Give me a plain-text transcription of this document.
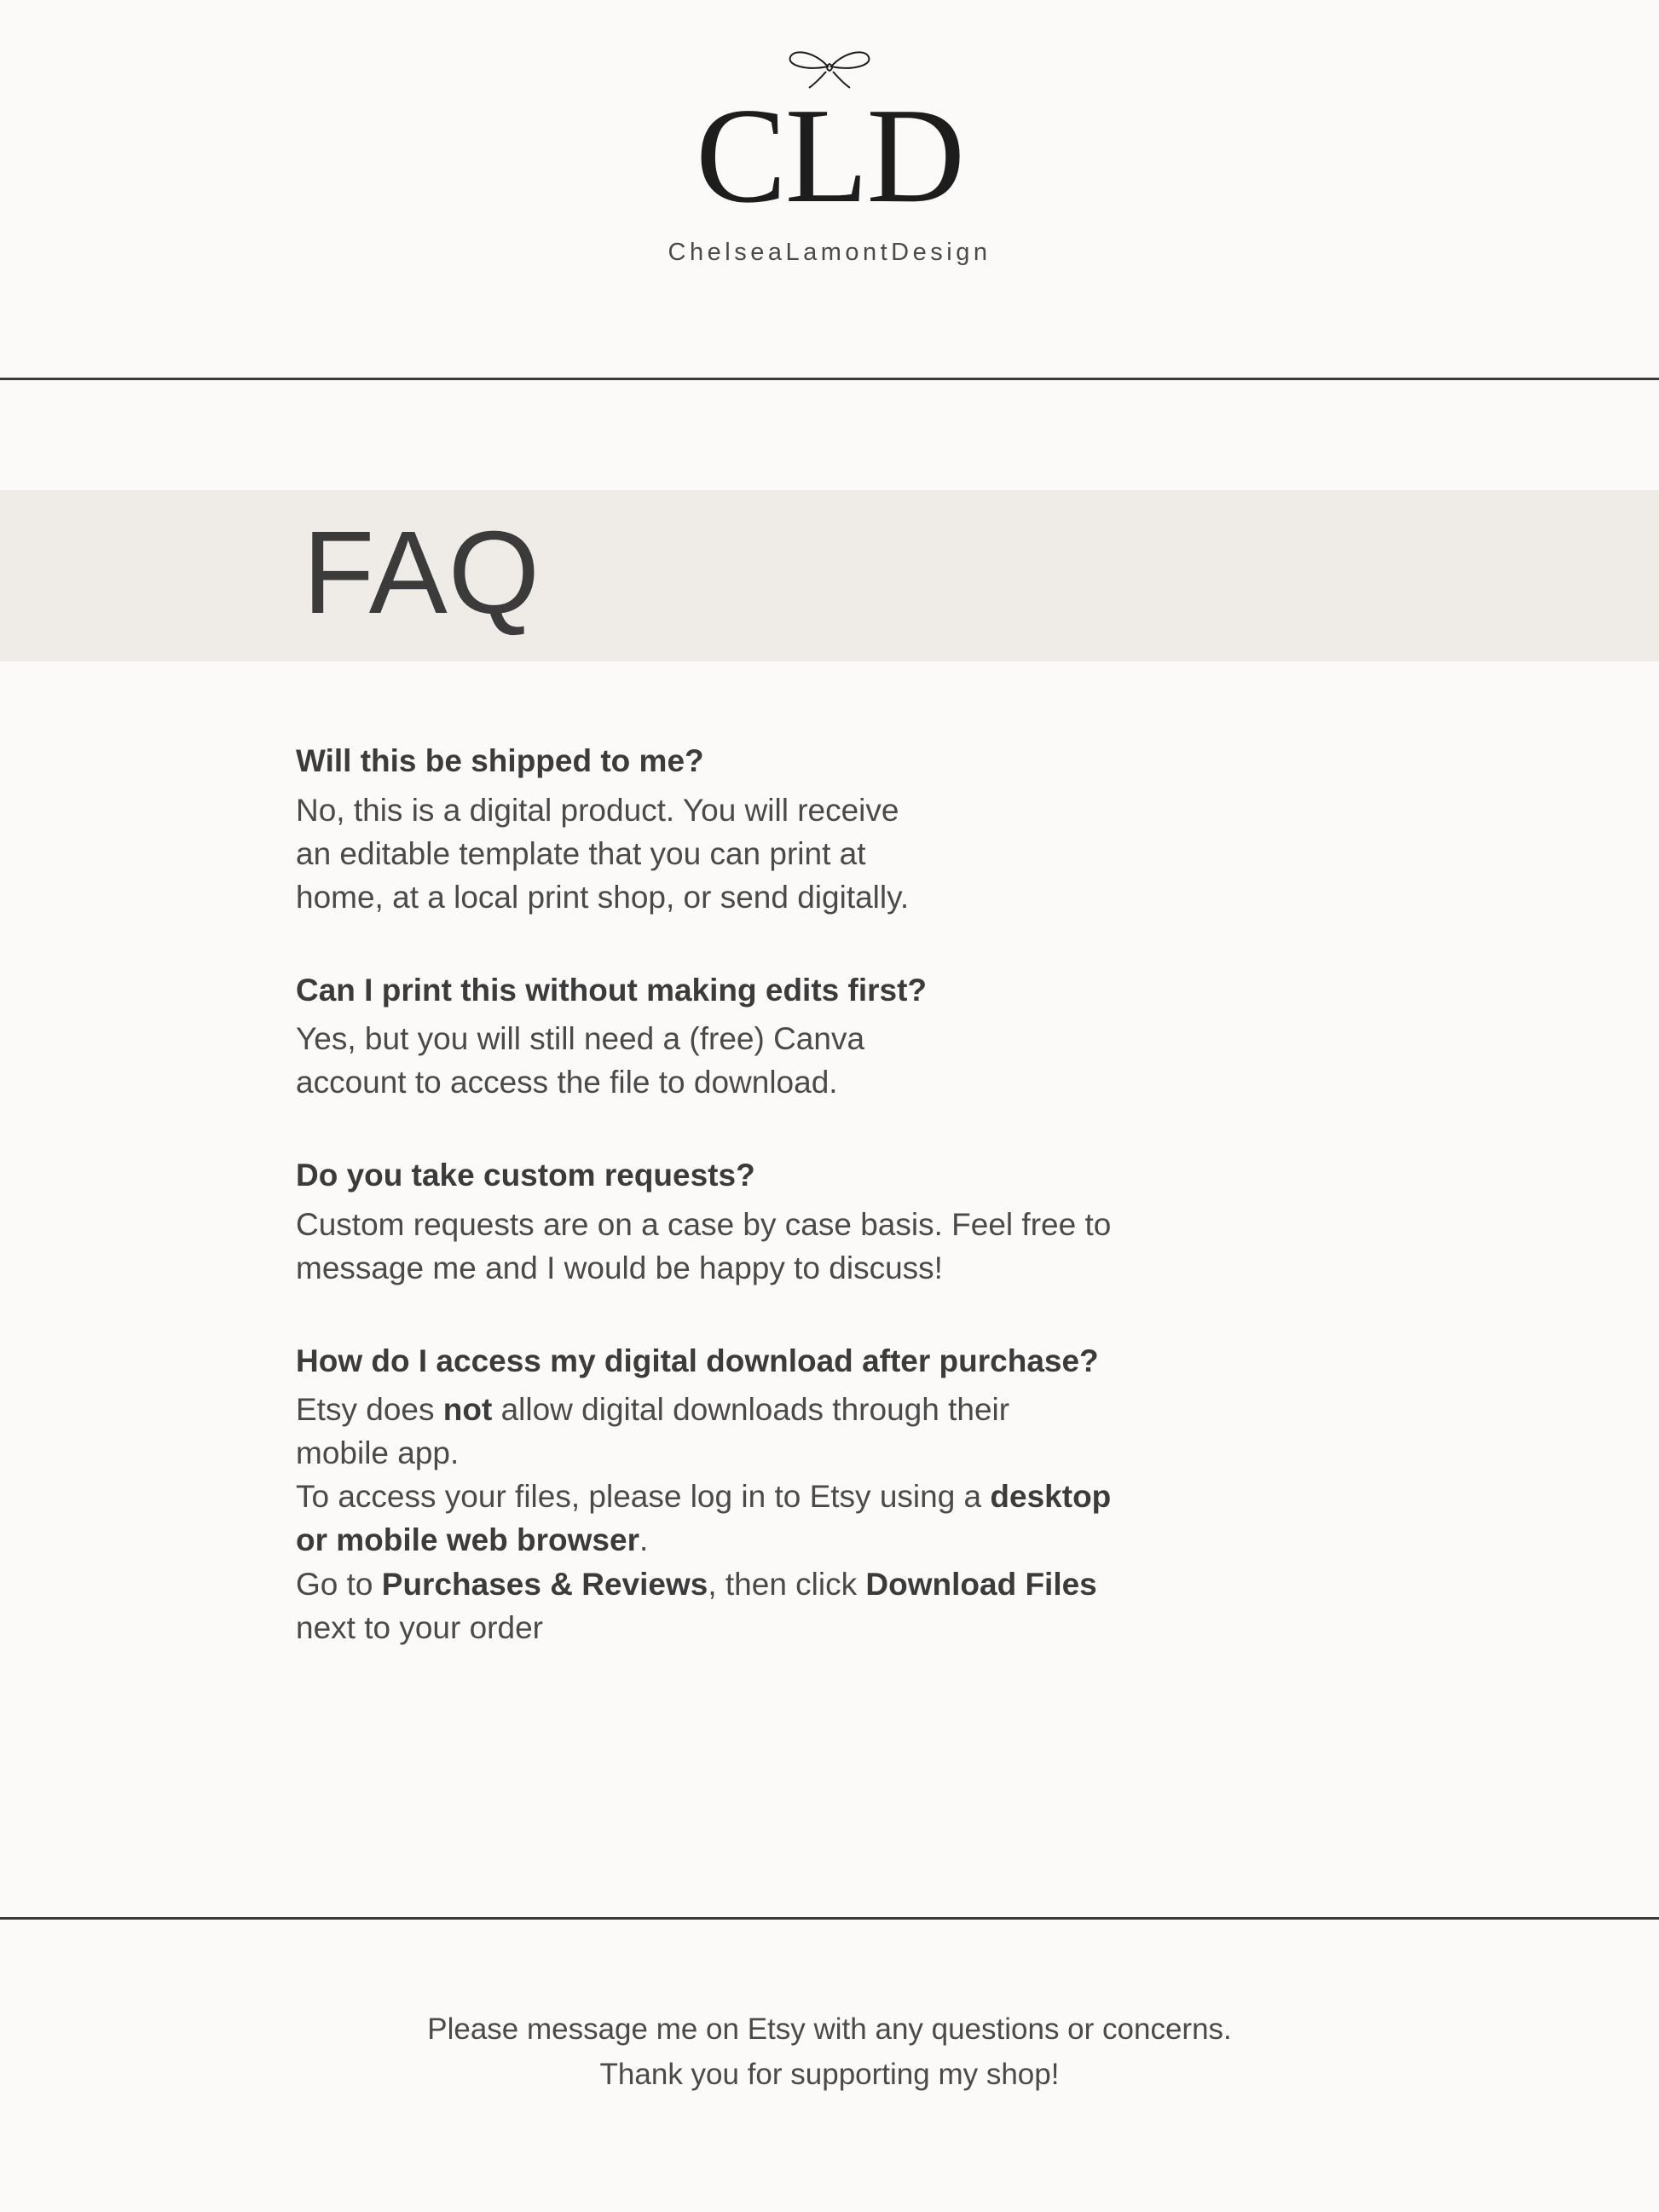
CLD
ChelseaLamontDesign
FAQ
Will this be shipped to me?
No, this is a digital product. You will receive
an editable template that you can print at
home, at a local print shop, or send digitally.
Can I print this without making edits first?
Yes, but you will still need a (free) Canva
account to access the file to download.
Do you take custom requests?
Custom requests are on a case by case basis. Feel free to
message me and I would be happy to discuss!
How do I access my digital download after purchase?
Etsy does not allow digital downloads through their
mobile app.
To access your files, please log in to Etsy using a desktop
or mobile web browser.
Go to Purchases & Reviews, then click Download Files
next to your order
Please message me on Etsy with any questions or concerns.
Thank you for supporting my shop!
